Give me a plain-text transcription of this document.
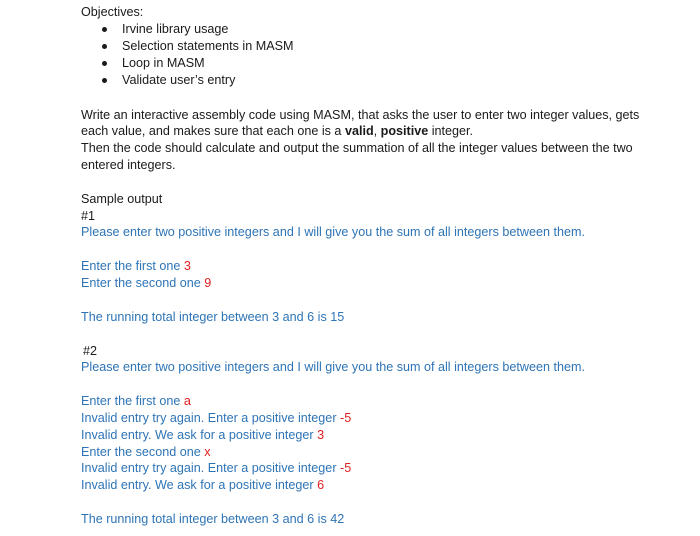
Objectives:
Irvine library usage
Selection statements in MASM
Loop in MASM
Validate user’s entry
Write an interactive assembly code using MASM, that asks the user to enter two integer values, gets each value, and makes sure that each one is a valid, positive integer.
Then the code should calculate and output the summation of all the integer values between the two entered integers.
Sample output
#1
Please enter two positive integers and I will give you the sum of all integers between them.
Enter the first one 3
Enter the second one 9
The running total integer between 3 and 6 is 15
#2
Please enter two positive integers and I will give you the sum of all integers between them.
Enter the first one a
Invalid entry try again. Enter a positive integer -5
Invalid entry. We ask for a positive integer 3
Enter the second one x
Invalid entry try again. Enter a positive integer -5
Invalid entry. We ask for a positive integer 6
The running total integer between 3 and 6 is 42
